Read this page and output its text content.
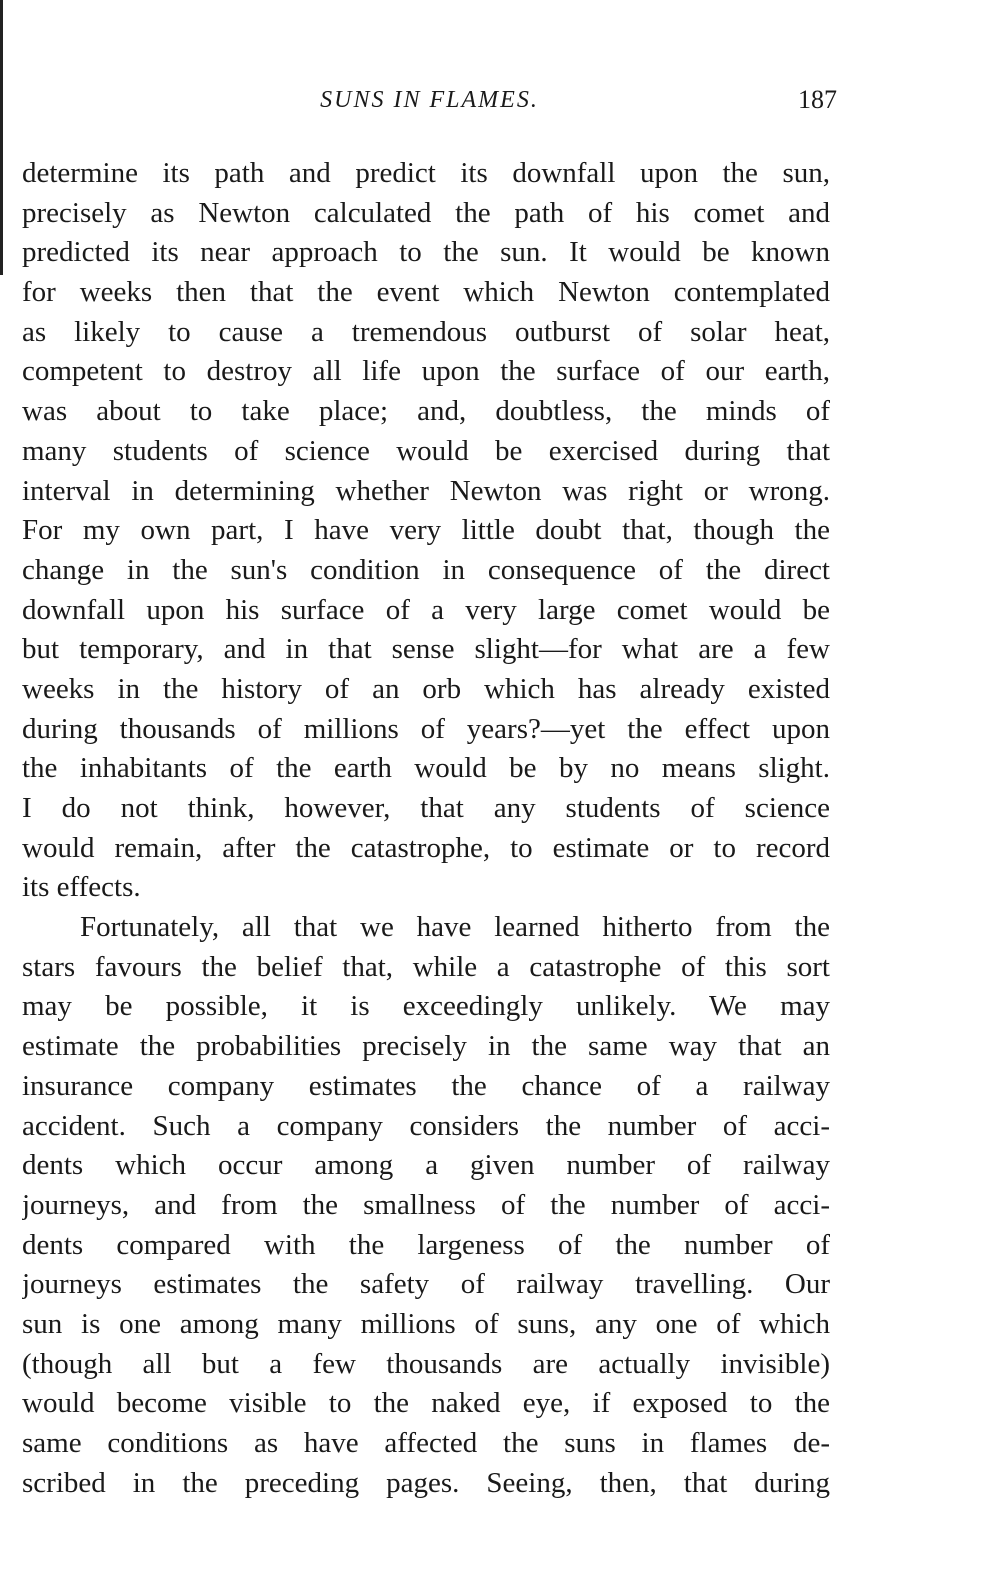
SUNS IN FLAMES.	187
determine its path and predict its downfall upon the sun,
precisely as Newton calculated the path of his comet and
predicted its near approach to the sun. It would be known
for weeks then that the event which Newton contemplated
as likely to cause a tremendous outburst of solar heat,
competent to destroy all life upon the surface of our earth,
was about to take place; and, doubtless, the minds of
many students of science would be exercised during that
interval in determining whether Newton was right or wrong.
For my own part, I have very little doubt that, though the
change in the sun's condition in consequence of the direct
downfall upon his surface of a very large comet would be
but temporary, and in that sense slight—for what are a few
weeks in the history of an orb which has already existed
during thousands of millions of years?—yet the effect upon
the inhabitants of the earth would be by no means slight.
I do not think, however, that any students of science
would remain, after the catastrophe, to estimate or to record
its effects.
Fortunately, all that we have learned hitherto from the
stars favours the belief that, while a catastrophe of this sort
may be possible, it is exceedingly unlikely. We may
estimate the probabilities precisely in the same way that an
insurance company estimates the chance of a railway
accident. Such a company considers the number of acci-
dents which occur among a given number of railway
journeys, and from the smallness of the number of acci-
dents compared with the largeness of the number of
journeys estimates the safety of railway travelling. Our
sun is one among many millions of suns, any one of which
(though all but a few thousands are actually invisible)
would become visible to the naked eye, if exposed to the
same conditions as have affected the suns in flames de-
scribed in the preceding pages. Seeing, then, that during
